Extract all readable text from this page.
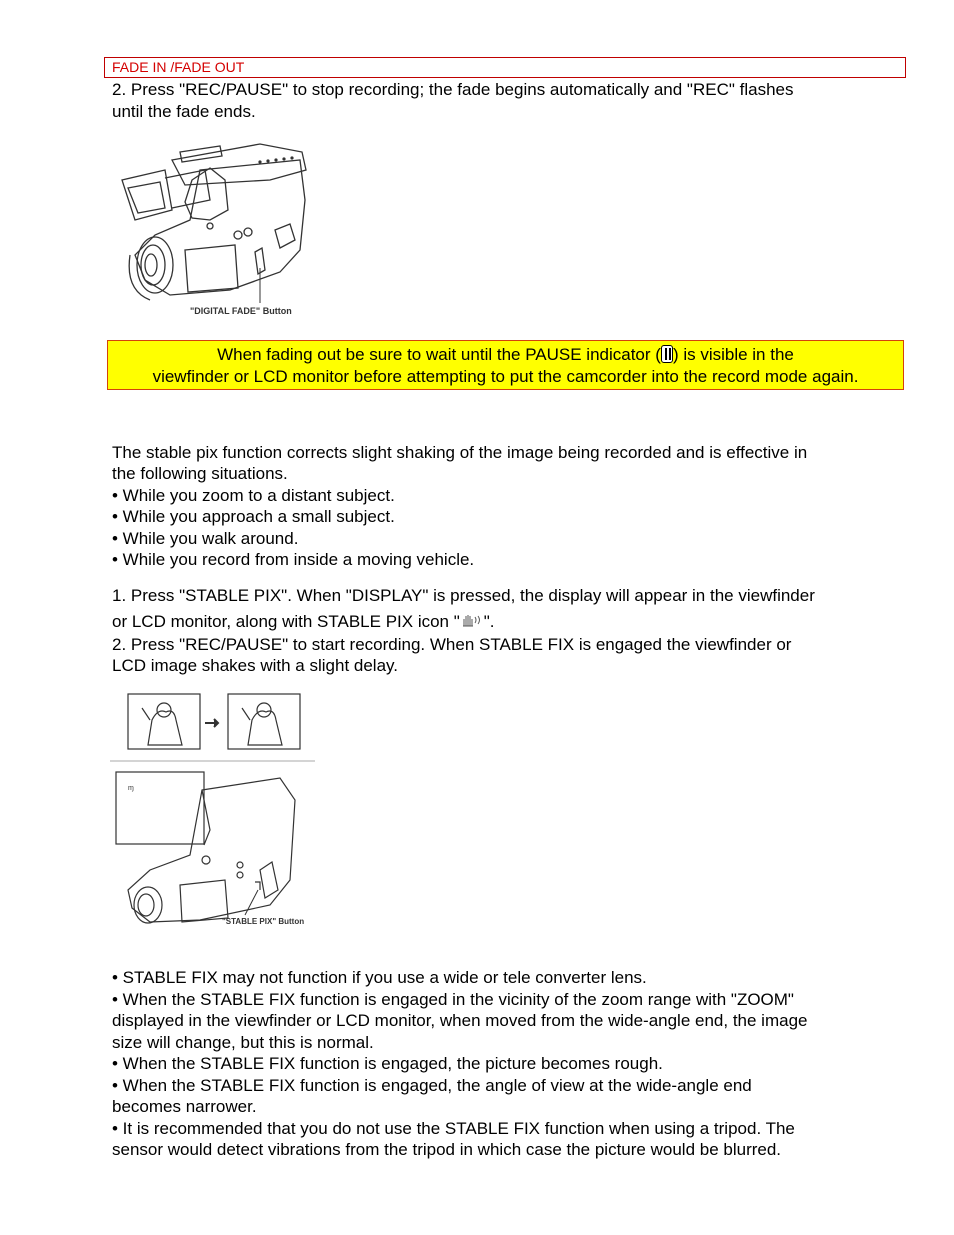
FADE IN /FADE OUT

2. Press "REC/PAUSE" to stop recording; the fade begins automatically and "REC" flashes

until the fade ends.

"DIGITAL FADE" Button
When fading out be sure to wait until the PAUSE indicator ( ) is visible in the
viewfinder or LCD monitor before attempting to put the camcorder into the record mode again.

The stable pix function corrects slight shaking of the image being recorded and is effective in

the following situations.

• While you zoom to a distant subject.

• While you approach a small subject.

• While you walk around.

• While you record from inside a moving vehicle.

1. Press "STABLE PIX". When "DISPLAY" is pressed, the display will appear in the viewfinder

or LCD monitor, along with STABLE PIX icon " ".

2. Press "REC/PAUSE" to start recording. When STABLE FIX is engaged the viewfinder or

LCD image shakes with a slight delay.

ɱ
"STABLE PIX" Button

• STABLE FIX may not function if you use a wide or tele converter lens.

• When the STABLE FIX function is engaged in the vicinity of the zoom range with "ZOOM"

displayed in the viewfinder or LCD monitor, when moved from the wide-angle end, the image

size will change, but this is normal.

• When the STABLE FIX function is engaged, the picture becomes rough.

• When the STABLE FIX function is engaged, the angle of view at the wide-angle end

becomes narrower.

• It is recommended that you do not use the STABLE FIX function when using a tripod. The

sensor would detect vibrations from the tripod in which case the picture would be blurred.
